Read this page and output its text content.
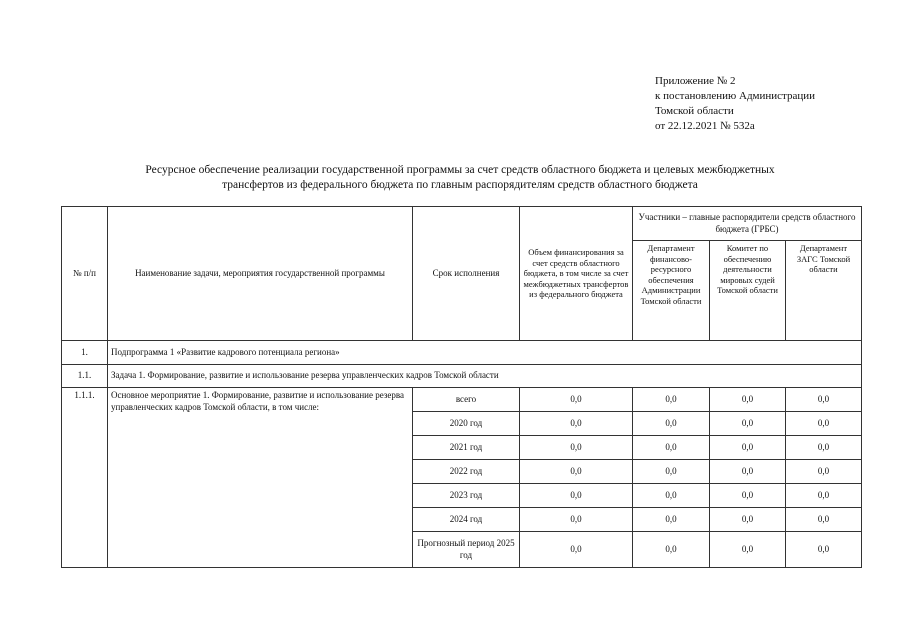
Приложение № 2
к постановлению Администрации
Томской области
от 22.12.2021 № 532а
Ресурсное обеспечение реализации государственной программы за счет средств областного бюджета и целевых межбюджетных
трансфертов из федерального бюджета по главным распорядителям средств областного бюджета
№ п/п	Наименование задачи, мероприятия государственной программы	Срок исполнения	Объем финансирования за счет средств областного бюджета, в том числе за счет межбюджетных трансфертов из федерального бюджета	Участники – главные распорядители средств областного бюджета (ГРБС)		
				Департамент финансово-ресурсного обеспечения Администрации Томской области	Комитет по обеспечению деятельности мировых судей Томской области	Департамент ЗАГС Томской области
1.	Подпрограмма 1 «Развитие кадрового потенциала региона»					
1.1.	Задача 1. Формирование, развитие и использование резерва управленческих кадров Томской области					
1.1.1.	Основное мероприятие 1. Формирование, развитие и использование резерва управленческих кадров Томской области, в том числе:	всего	0,0	0,0	0,0	0,0
		2020 год	0,0	0,0	0,0	0,0
		2021 год	0,0	0,0	0,0	0,0
		2022 год	0,0	0,0	0,0	0,0
		2023 год	0,0	0,0	0,0	0,0
		2024 год	0,0	0,0	0,0	0,0
		Прогнозный период 2025 год	0,0	0,0	0,0	0,0
